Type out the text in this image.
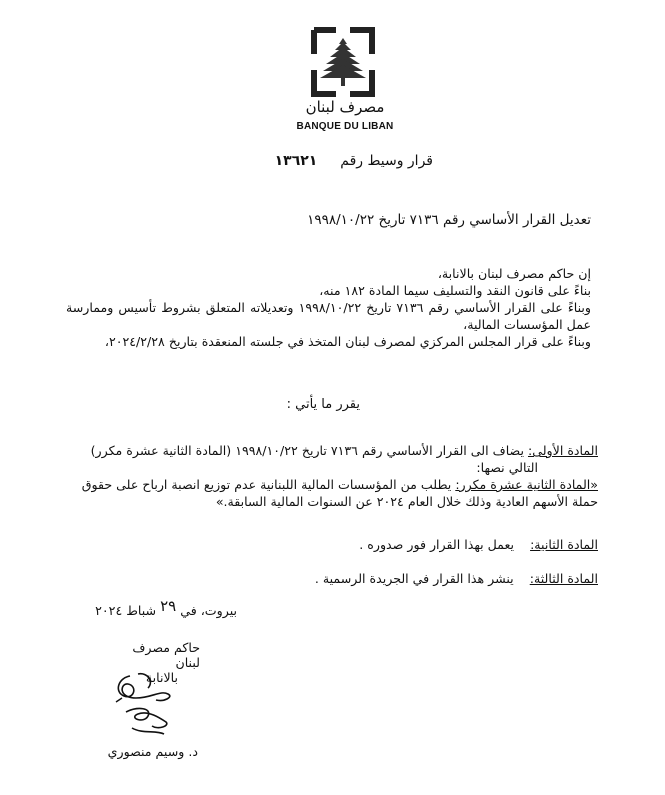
مصرف لبنان
BANQUE DU LIBAN
قرار وسيط رقم  ١٣٦٢١
تعديل القرار الأساسي رقم ٧١٣٦ تاريخ ١٩٩٨/١٠/٢٢
إن حاكم مصرف لبنان بالانابة،
بناءً على قانون النقد والتسليف سيما المادة ١٨٢ منه،
وبناءً على القرار الأساسي رقم ٧١٣٦ تاريخ ١٩٩٨/١٠/٢٢ وتعديلاته المتعلق بشروط تأسيس وممارسة
عمل المؤسسات المالية،
وبناءً على قرار المجلس المركزي لمصرف لبنان المتخذ في جلسته المنعقدة بتاريخ ٢٠٢٤/٢/٢٨،
يقرر ما يأتي :
المادة الأولى: يضاف الى القرار الأساسي رقم ٧١٣٦ تاريخ ١٩٩٨/١٠/٢٢ (المادة الثانية عشرة مكرر)
التالي نصها:
«المادة الثانية عشرة مكرر: يطلب من المؤسسات المالية اللبنانية عدم توزيع انصبة ارباح على حقوق
حملة الأسهم العادية وذلك خلال العام ٢٠٢٤ عن السنوات المالية السابقة.»
المادة الثانية:  يعمل بهذا القرار فور صدوره .
المادة الثالثة:  ينشر هذا القرار في الجريدة الرسمية .
بيروت، في ٢٩ شباط ٢٠٢٤
حاكم مصرف لبنان
بالانابة
د. وسيم منصوري
